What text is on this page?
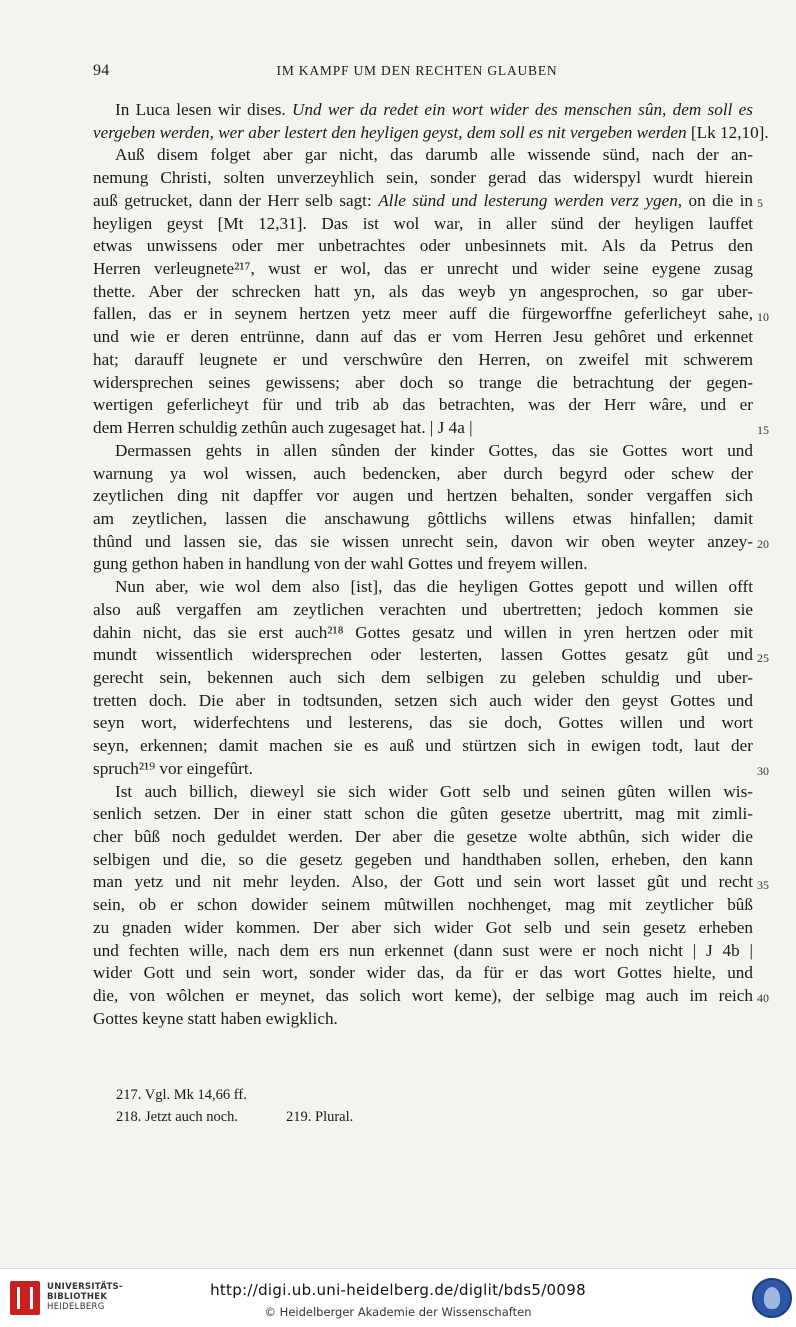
94	IM KAMPF UM DEN RECHTEN GLAUBEN
In Luca lesen wir dises. Und wer da redet ein wort wider des menschen sûn, dem soll es
vergeben werden, wer aber lestert den heyligen geyst, dem soll es nit vergeben werden [Lk 12,10].
Auß disem folget aber gar nicht, das darumb alle wissende sünd, nach der an-
nemung Christi, solten unverzeyhlich sein, sonder gerad das widerspyl wurdt hierein
auß getrucket, dann der Herr selb sagt: Alle sünd und lesterung werden verz ygen, on die in
heyligen geyst [Mt 12,31]. Das ist wol war, in aller sünd der heyligen lauffet
etwas unwissens oder mer unbetrachtes oder unbesinnets mit. Als da Petrus den
Herren verleugnete²¹⁷, wust er wol, das er unrecht und wider seine eygene zusag
thette. Aber der schrecken hatt yn, als das weyb yn angesprochen, so gar uber-
fallen, das er in seynem hertzen yetz meer auff die fürgeworffne geferlicheyt sahe,
und wie er deren entrünne, dann auf das er vom Herren Jesu gehôret und erkennet
hat; darauff leugnete er und verschwûre den Herren, on zweifel mit schwerem
widersprechen seines gewissens; aber doch so trange die betrachtung der gegen-
wertigen geferlicheyt für und trib ab das betrachten, was der Herr wâre, und er
dem Herren schuldig zethûn auch zugesaget hat. | J 4a |
Dermassen gehts in allen sûnden der kinder Gottes, das sie Gottes wort und
warnung ya wol wissen, auch bedencken, aber durch begyrd oder schew der
zeytlichen ding nit dapffer vor augen und hertzen behalten, sonder vergaffen sich
am zeytlichen, lassen die anschawung gôttlichs willens etwas hinfallen; damit
thûnd und lassen sie, das sie wissen unrecht sein, davon wir oben weyter anzey-
gung gethon haben in handlung von der wahl Gottes und freyem willen.
Nun aber, wie wol dem also [ist], das die heyligen Gottes gepott und willen offt
also auß vergaffen am zeytlichen verachten und ubertretten; jedoch kommen sie
dahin nicht, das sie erst auch²¹⁸ Gottes gesatz und willen in yren hertzen oder mit
mundt wissentlich widersprechen oder lesterten, lassen Gottes gesatz gût und
gerecht sein, bekennen auch sich dem selbigen zu geleben schuldig und uber-
tretten doch. Die aber in todtsunden, setzen sich auch wider den geyst Gottes und
seyn wort, widerfechtens und lesterens, das sie doch, Gottes willen und wort
seyn, erkennen; damit machen sie es auß und stürtzen sich in ewigen todt, laut der
spruch²¹⁹ vor eingefûrt.
Ist auch billich, dieweyl sie sich wider Gott selb und seinen gûten willen wis-
senlich setzen. Der in einer statt schon die gûten gesetze ubertritt, mag mit zimli-
cher bûß noch geduldet werden. Der aber die gesetze wolte abthûn, sich wider die
selbigen und die, so die gesetz gegeben und handthaben sollen, erheben, den kann
man yetz und nit mehr leyden. Also, der Gott und sein wort lasset gût und recht
sein, ob er schon dowider seinem mûtwillen nochhenget, mag mit zeytlicher bûß
zu gnaden wider kommen. Der aber sich wider Got selb und sein gesetz erheben
und fechten wille, nach dem ers nun erkennet (dann sust were er noch nicht | J 4b |
wider Gott und sein wort, sonder wider das, da für er das wort Gottes hielte, und
die, von wôlchen er meynet, das solich wort keme), der selbige mag auch im reich
Gottes keyne statt haben ewigklich.
5
10
15
20
25
30
35
40
217. Vgl. Mk 14,66 ff.
218. Jetzt auch noch.	219. Plural.
UNIVERSITÄTS-
BIBLIOTHEK
HEIDELBERG
http://digi.ub.uni-heidelberg.de/diglit/bds5/0098
© Heidelberger Akademie der Wissenschaften
